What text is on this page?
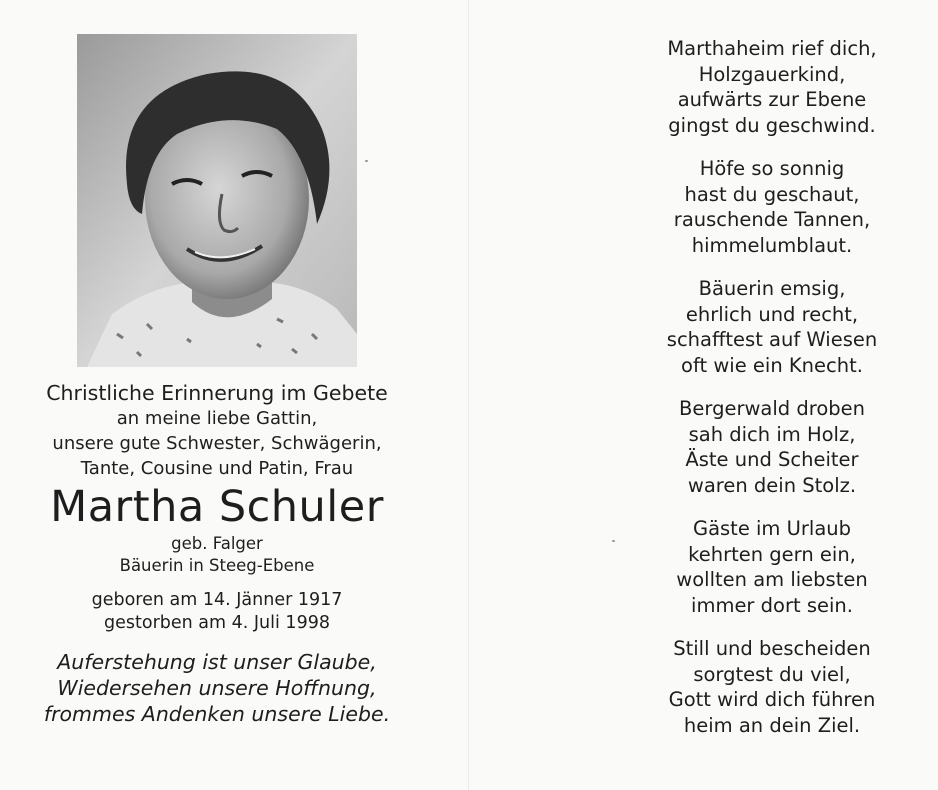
Christliche Erinnerung im Gebete
an meine liebe Gattin,
unsere gute Schwester, Schwägerin,
Tante, Cousine und Patin, Frau
Martha Schuler
geb. Falger
Bäuerin in Steeg-Ebene
geboren am 14. Jänner 1917
gestorben am 4. Juli 1998
Auferstehung ist unser Glaube,
Wiedersehen unsere Hoffnung,
frommes Andenken unsere Liebe.
Marthaheim rief dich,
Holzgauerkind,
aufwärts zur Ebene
gingst du geschwind.
Höfe so sonnig
hast du geschaut,
rauschende Tannen,
himmelumblaut.
Bäuerin emsig,
ehrlich und recht,
schafftest auf Wiesen
oft wie ein Knecht.
Bergerwald droben
sah dich im Holz,
Äste und Scheiter
waren dein Stolz.
Gäste im Urlaub
kehrten gern ein,
wollten am liebsten
immer dort sein.
Still und bescheiden
sorgtest du viel,
Gott wird dich führen
heim an dein Ziel.
